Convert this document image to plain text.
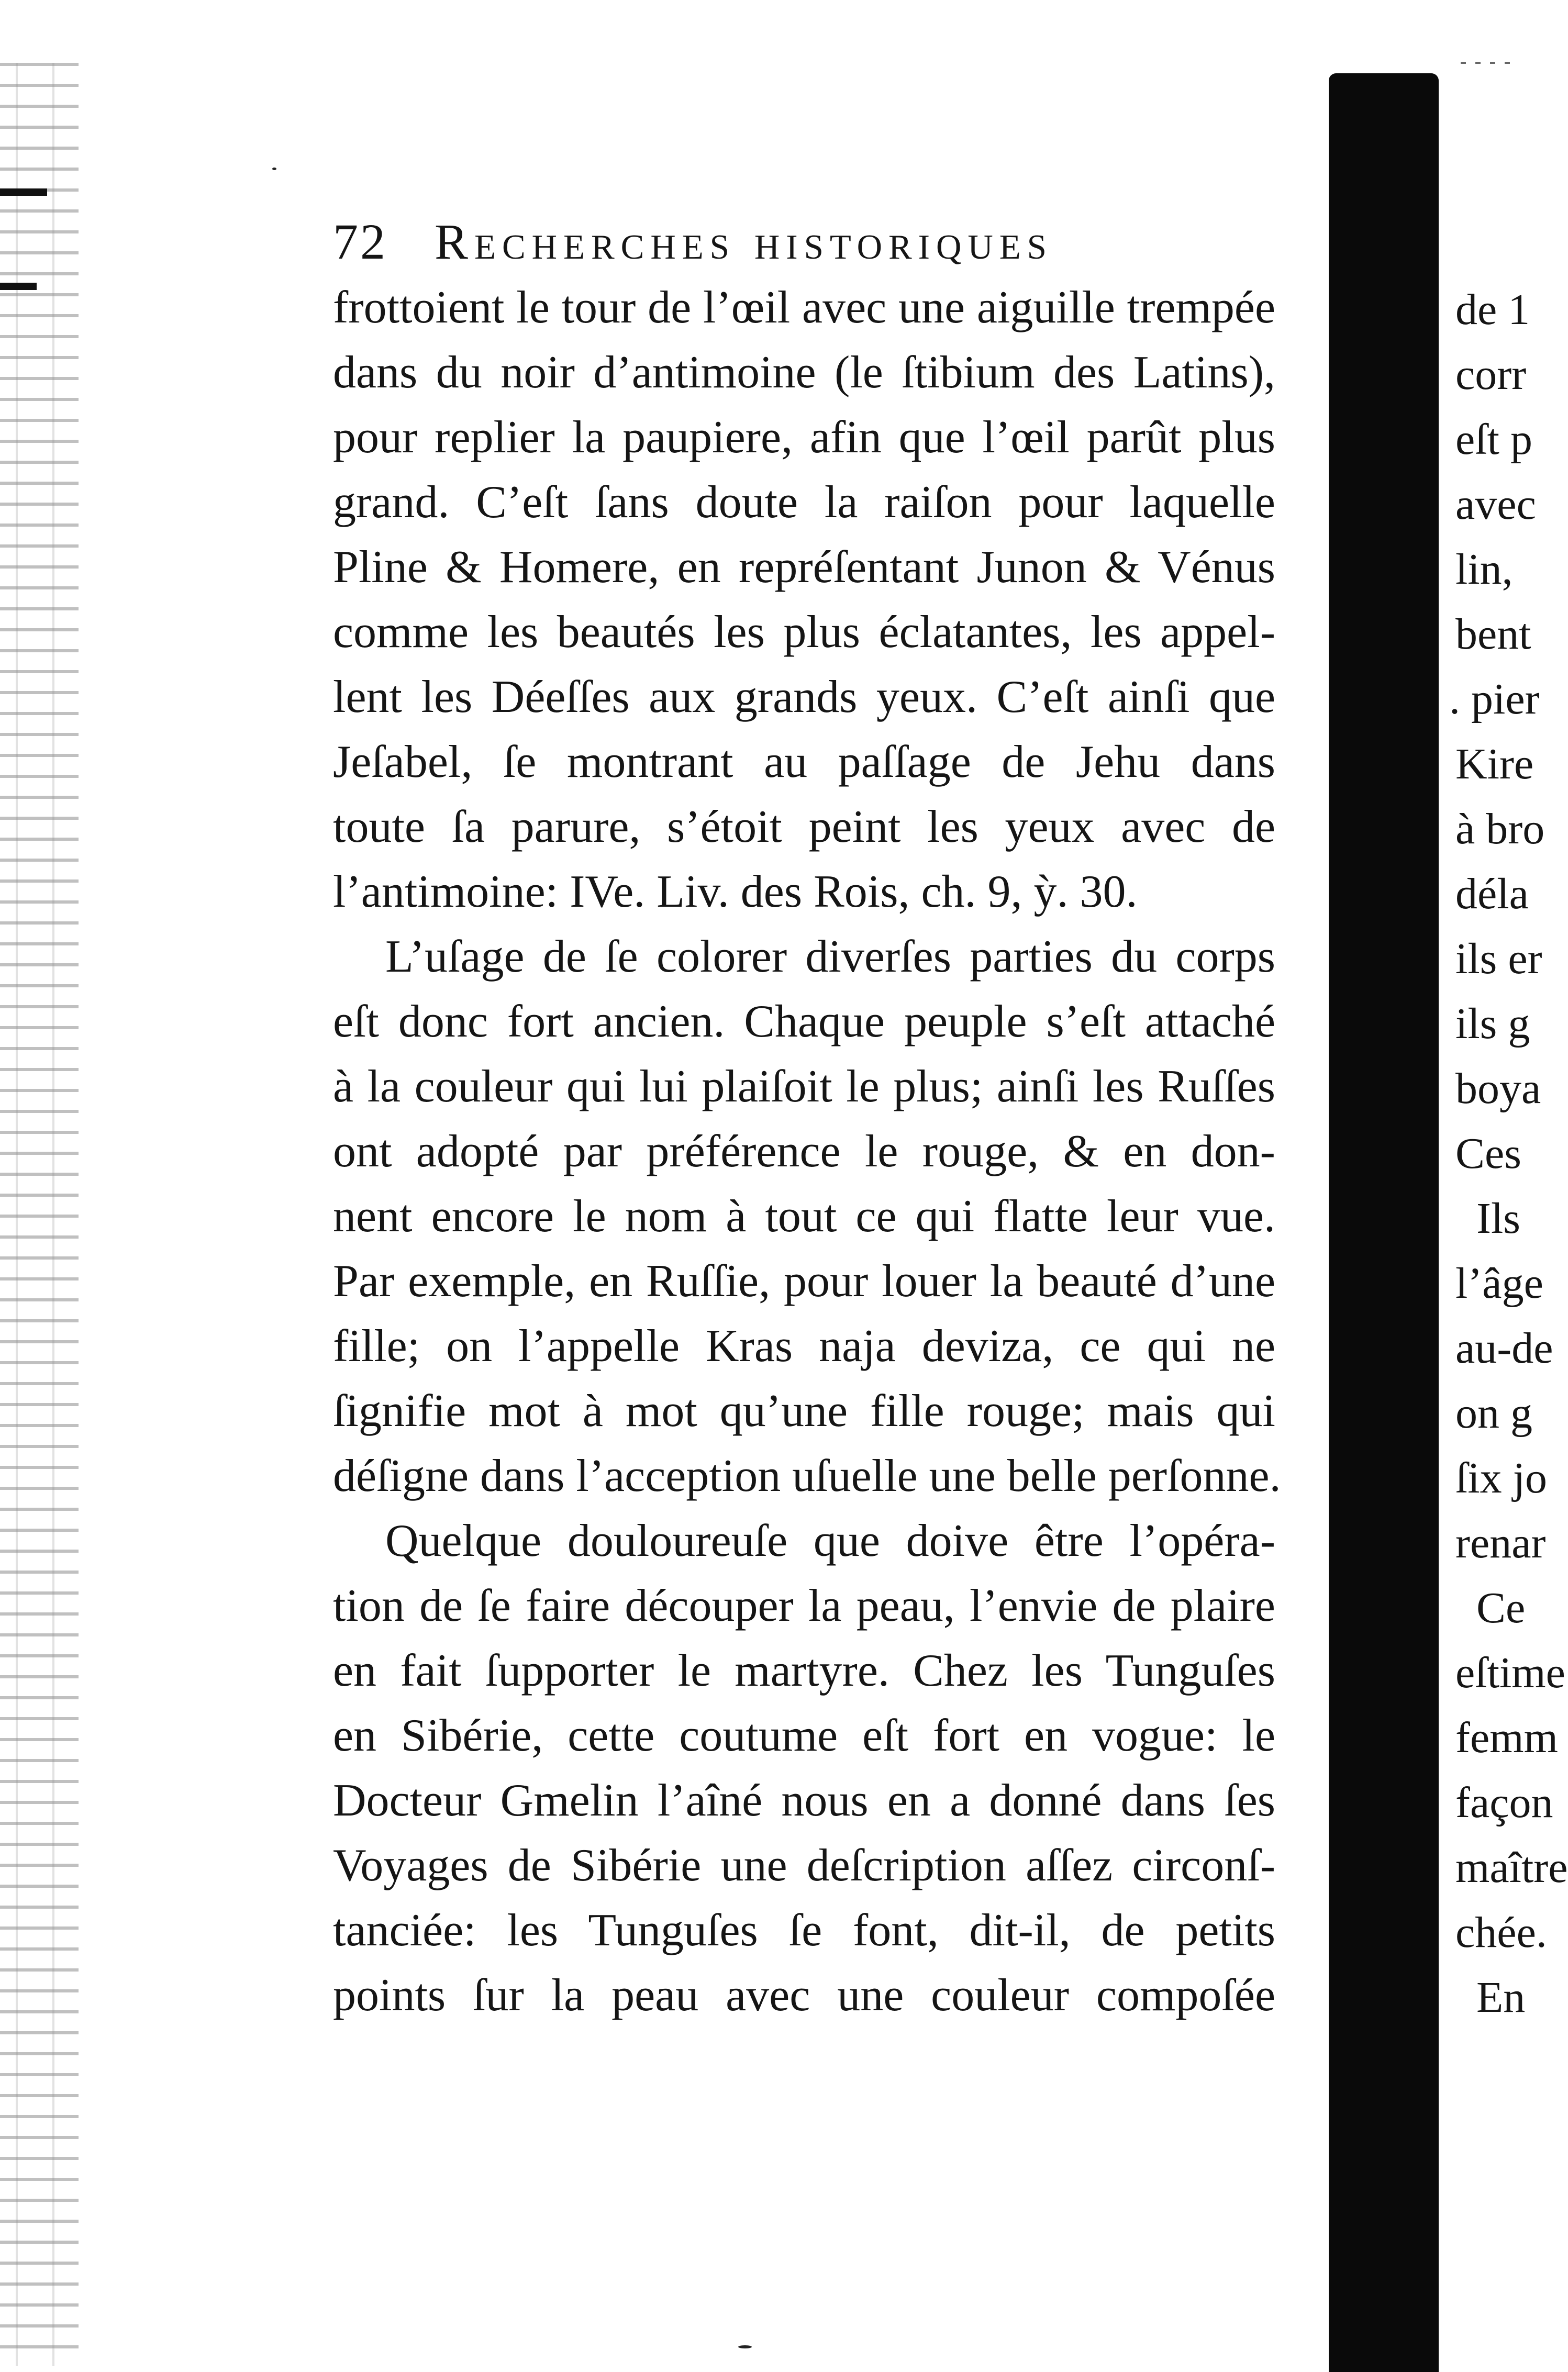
72 Recherches historiques
frottoient le tour de l’œil avec une aiguille trempée
dans du noir d’antimoine (le ſtibium des Latins),
pour replier la paupiere, afin que l’œil parût plus
grand. C’eſt ſans doute la raiſon pour laquelle
Pline & Homere, en repréſentant Junon & Vénus
comme les beautés les plus éclatantes, les appel-
lent les Déeſſes aux grands yeux. C’eſt ainſi que
Jeſabel, ſe montrant au paſſage de Jehu dans
toute ſa parure, s’étoit peint les yeux avec de
l’antimoine: IVe. Liv. des Rois, ch. 9, ỳ. 30.
L’uſage de ſe colorer diverſes parties du corps
eſt donc fort ancien. Chaque peuple s’eſt attaché
à la couleur qui lui plaiſoit le plus; ainſi les Ruſſes
ont adopté par préférence le rouge, & en don-
nent encore le nom à tout ce qui flatte leur vue.
Par exemple, en Ruſſie, pour louer la beauté d’une
fille; on l’appelle Kras naja deviza, ce qui ne
ſignifie mot à mot qu’une fille rouge; mais qui
déſigne dans l’acception uſuelle une belle perſonne.
Quelque douloureuſe que doive être l’opéra-
tion de ſe faire découper la peau, l’envie de plaire
en fait ſupporter le martyre. Chez les Tunguſes
en Sibérie, cette coutume eſt fort en vogue: le
Docteur Gmelin l’aîné nous en a donné dans ſes
Voyages de Sibérie une deſcription aſſez circonſ-
tanciée: les Tunguſes ſe font, dit-il, de petits
points ſur la peau avec une couleur compoſée
de 1
corr
eſt p
avec
lin,
bent
. pier
Kire
à bro
déla
ils er
ils g
boya
Ces
Ils
l’âge
au-de
on g
ſix jo
renar
Ce
eſtime
femm
façon
maître
chée.
En
